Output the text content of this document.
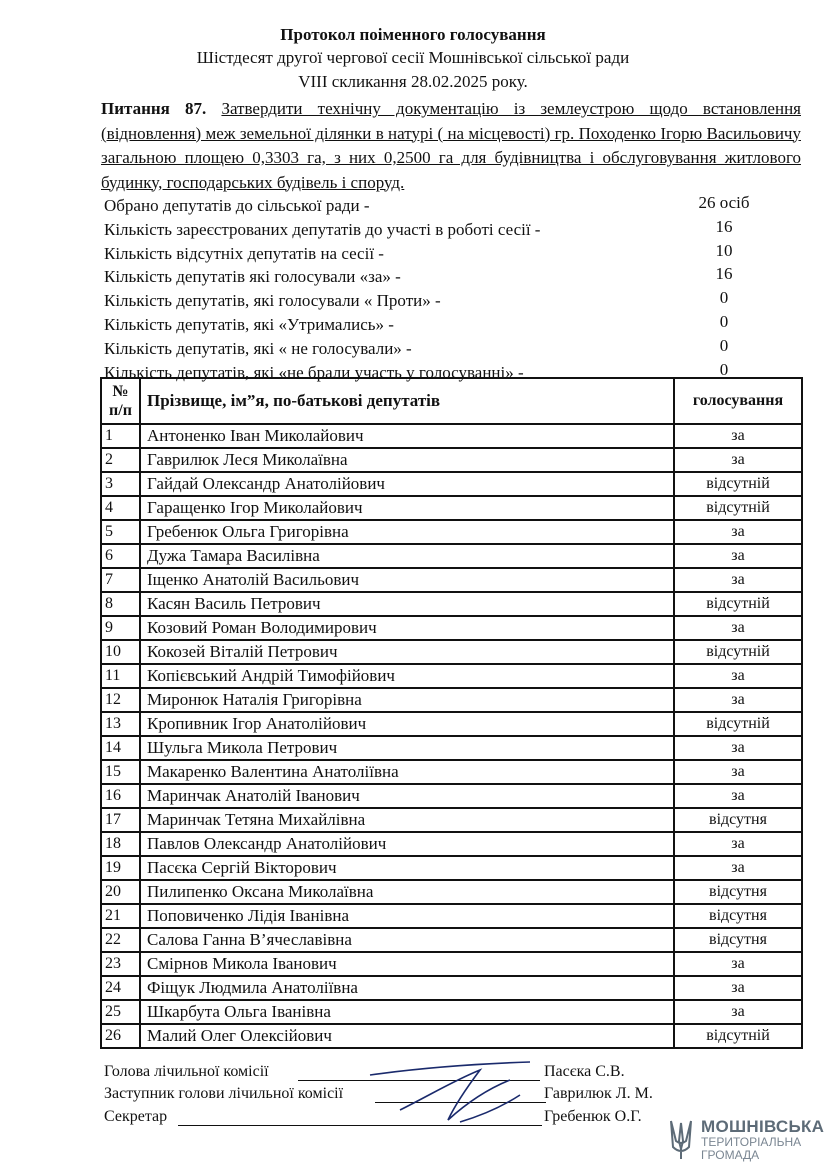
Протокол поіменного голосування
Шістдесят другої чергової сесії Мошнівської сільської ради
VIII скликання 28.02.2025 року.
Питання 87. Затвердити технічну документацію із землеустрою щодо встановлення (відновлення) меж земельної ділянки в натурі ( на місцевості) гр. Походенко Ігорю Васильовичу загальною площею 0,3303 га, з них 0,2500 га для будівництва і обслуговування житлового будинку, господарських будівель і споруд.
Обрано депутатів до сільської ради -	26 осіб
Кількість зареєстрованих депутатів до участі в роботі сесії -	16
Кількість відсутніх депутатів на сесії -	10
Кількість депутатів які голосували «за» -	16
Кількість депутатів, які голосували « Проти» -	0
Кількість депутатів, які «Утримались» -	0
Кількість депутатів, які « не голосували» -	0
Кількість депутатів, які «не брали участь у голосуванні» -	0
№
п/п	Прізвище, ім”я, по-батькові депутатів	голосування
1	Антоненко Іван Миколайович	за
2	Гаврилюк Леся Миколаївна	за
3	Гайдай Олександр Анатолійович	відсутній
4	Гаращенко Ігор Миколайович	відсутній
5	Гребенюк Ольга Григорівна	за
6	Дужа Тамара Василівна	за
7	Іщенко Анатолій Васильович	за
8	Касян Василь Петрович	відсутній
9	Козовий Роман Володимирович	за
10	Кокозей Віталій Петрович	відсутній
11	Копієвський Андрій Тимофійович	за
12	Миронюк Наталія Григорівна	за
13	Кропивник Ігор Анатолійович	відсутній
14	Шульга Микола Петрович	за
15	Макаренко Валентина Анатоліївна	за
16	Маринчак Анатолій Іванович	за
17	Маринчак Тетяна Михайлівна	відсутня
18	Павлов Олександр Анатолійович	за
19	Пасєка Сергій Вікторович	за
20	Пилипенко Оксана Миколаївна	відсутня
21	Поповиченко Лідія Іванівна	відсутня
22	Салова Ганна В’ячеславівна	відсутня
23	Смірнов Микола Іванович	за
24	Фіщук Людмила Анатоліївна	за
25	Шкарбута Ольга Іванівна	за
26	Малий Олег Олексійович	відсутній
Голова лічильної комісії	Пасєка С.В.
Заступник голови лічильної комісії	Гаврилюк Л. М.
Секретар	Гребенюк О.Г.
МОШНІВСЬКА
ТЕРИТОРІАЛЬНА
ГРОМАДА
